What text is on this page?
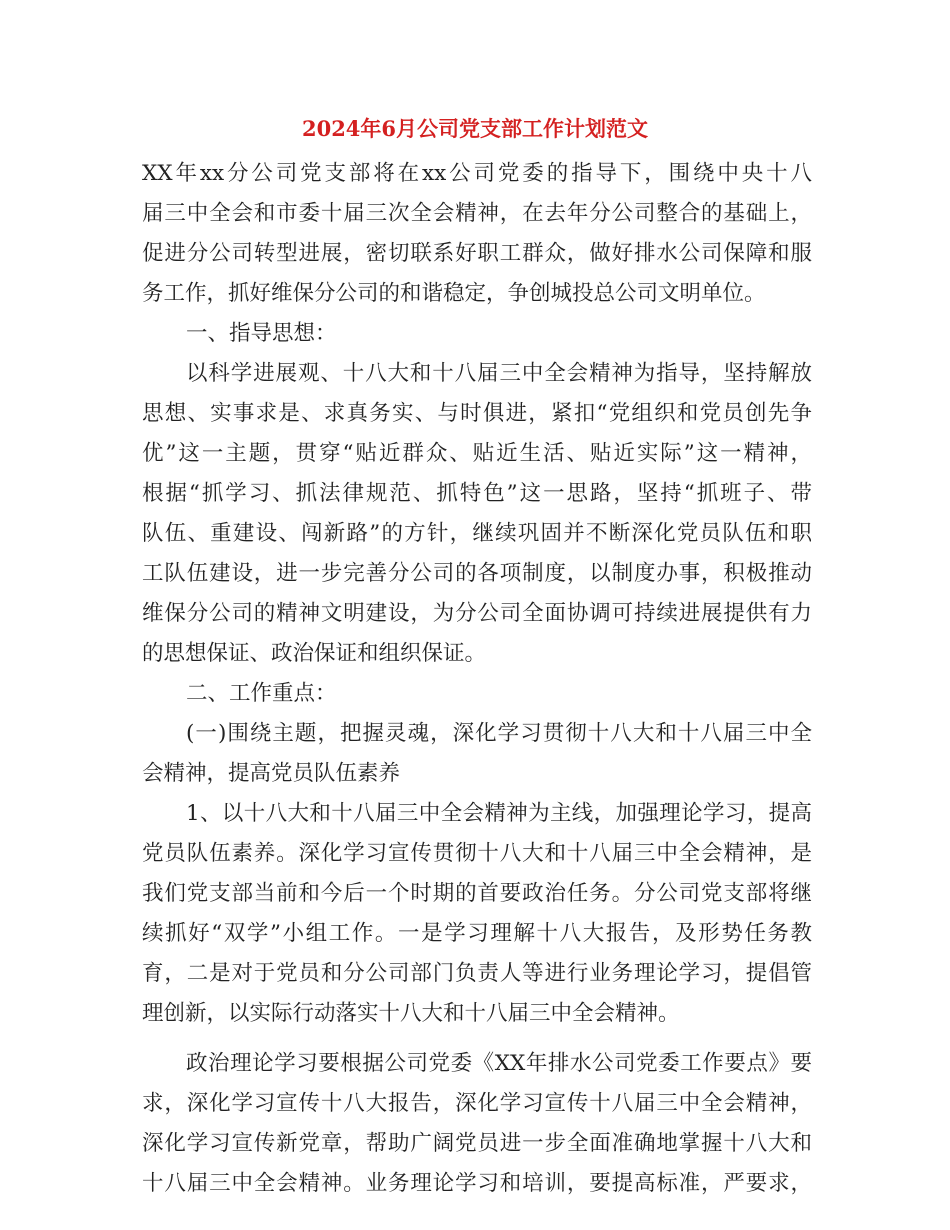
2024年6月公司党支部工作计划范文
XX年xx分公司党支部将在xx公司党委的指导下，围绕中央十八
届三中全会和市委十届三次全会精神，在去年分公司整合的基础上，
促进分公司转型进展，密切联系好职工群众，做好排水公司保障和服
务工作，抓好维保分公司的和谐稳定，争创城投总公司文明单位。
一、指导思想：
以科学进展观、十八大和十八届三中全会精神为指导，坚持解放
思想、实事求是、求真务实、与时俱进，紧扣“党组织和党员创先争
优”这一主题，贯穿“贴近群众、贴近生活、贴近实际”这一精神，
根据“抓学习、抓法律规范、抓特色”这一思路，坚持“抓班子、带
队伍、重建设、闯新路”的方针，继续巩固并不断深化党员队伍和职
工队伍建设，进一步完善分公司的各项制度，以制度办事，积极推动
维保分公司的精神文明建设，为分公司全面协调可持续进展提供有力
的思想保证、政治保证和组织保证。
二、工作重点：
(一)围绕主题，把握灵魂，深化学习贯彻十八大和十八届三中全
会精神，提高党员队伍素养
1、以十八大和十八届三中全会精神为主线，加强理论学习，提高
党员队伍素养。深化学习宣传贯彻十八大和十八届三中全会精神，是
我们党支部当前和今后一个时期的首要政治任务。分公司党支部将继
续抓好“双学”小组工作。一是学习理解十八大报告，及形势任务教
育，二是对于党员和分公司部门负责人等进行业务理论学习，提倡管
理创新，以实际行动落实十八大和十八届三中全会精神。
政治理论学习要根据公司党委《XX年排水公司党委工作要点》要
求，深化学习宣传十八大报告，深化学习宣传十八届三中全会精神，
深化学习宣传新党章，帮助广阔党员进一步全面准确地掌握十八大和
十八届三中全会精神。业务理论学习和培训，要提高标准，严要求，
